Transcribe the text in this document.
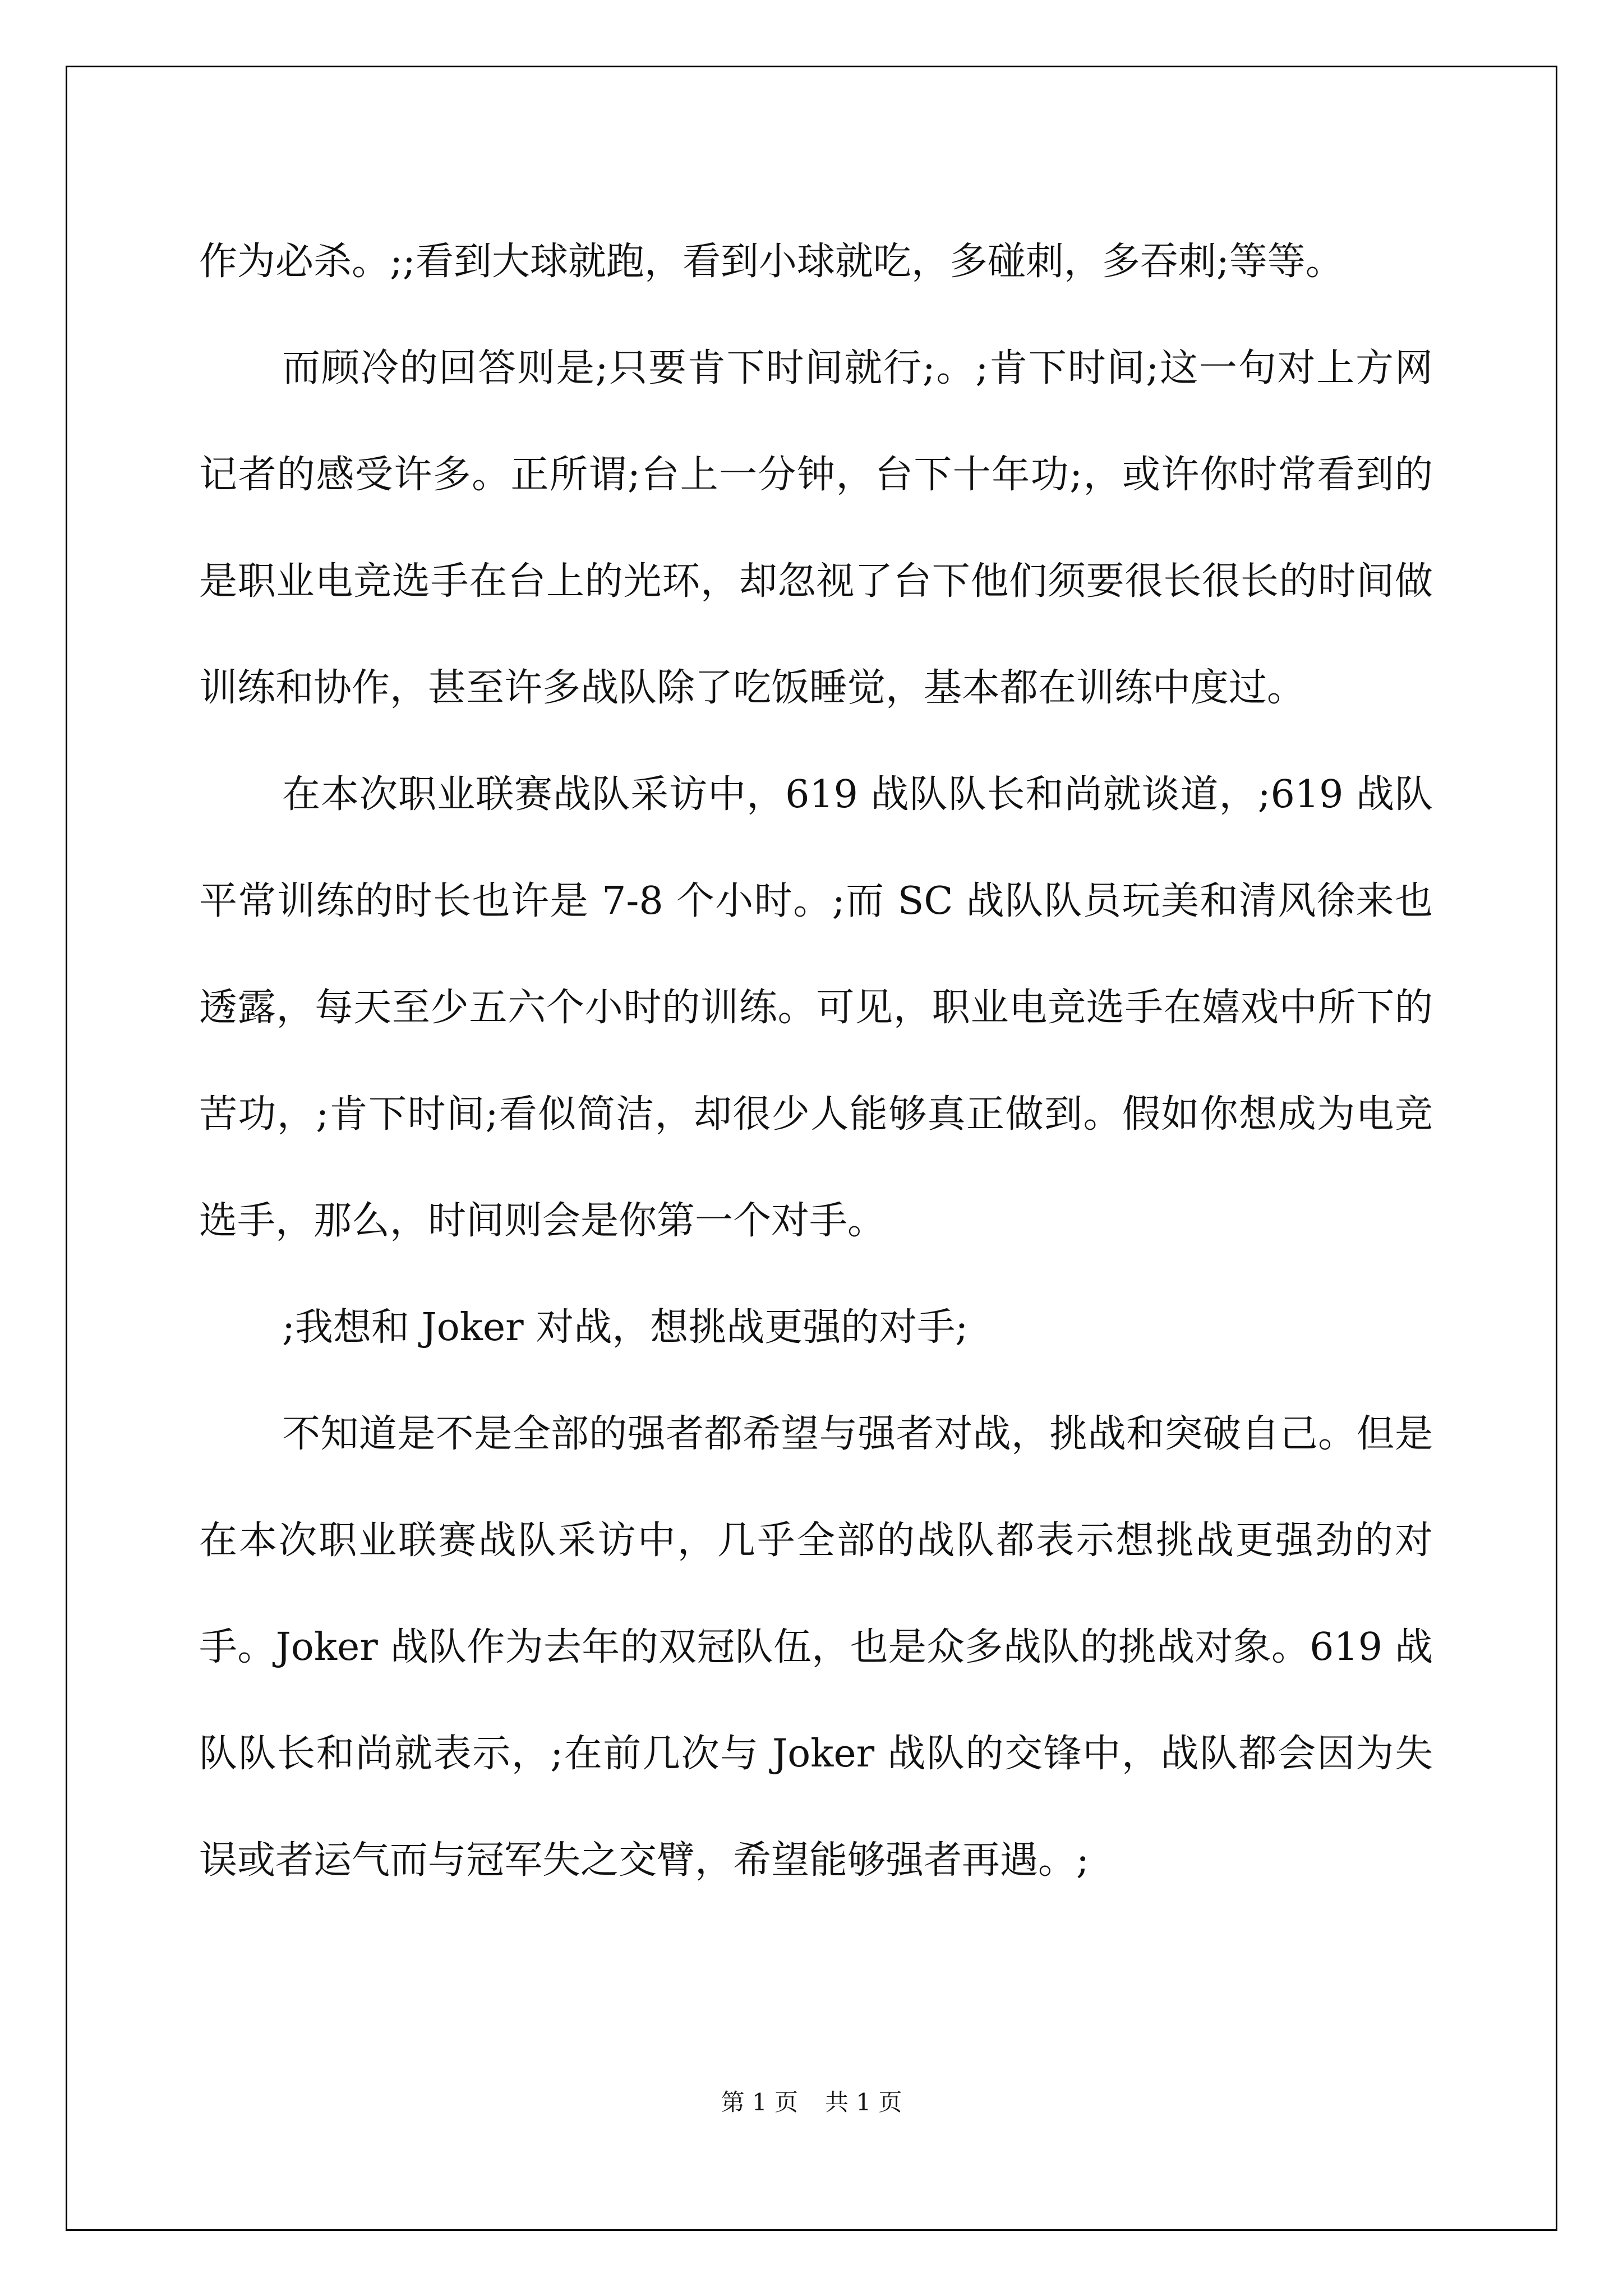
作为必杀。;;看到大球就跑，看到小球就吃，多碰刺，多吞刺;等等。

而顾冷的回答则是;只要肯下时间就行;。;肯下时间;这一句对上方网记者的感受许多。正所谓;台上一分钟，台下十年功;，或许你时常看到的是职业电竞选手在台上的光环，却忽视了台下他们须要很长很长的时间做训练和协作，甚至许多战队除了吃饭睡觉，基本都在训练中度过。

在本次职业联赛战队采访中，619 战队队长和尚就谈道，;619 战队平常训练的时长也许是 7-8 个小时。;而 SC 战队队员玩美和清风徐来也透露，每天至少五六个小时的训练。可见，职业电竞选手在嬉戏中所下的苦功，;肯下时间;看似简洁，却很少人能够真正做到。假如你想成为电竞选手，那么，时间则会是你第一个对手。

;我想和 Joker 对战，想挑战更强的对手;

不知道是不是全部的强者都希望与强者对战，挑战和突破自己。但是在本次职业联赛战队采访中，几乎全部的战队都表示想挑战更强劲的对手。Joker 战队作为去年的双冠队伍，也是众多战队的挑战对象。619 战队队长和尚就表示，;在前几次与 Joker 战队的交锋中，战队都会因为失误或者运气而与冠军失之交臂，希望能够强者再遇。;

第 1 页 共 1 页
